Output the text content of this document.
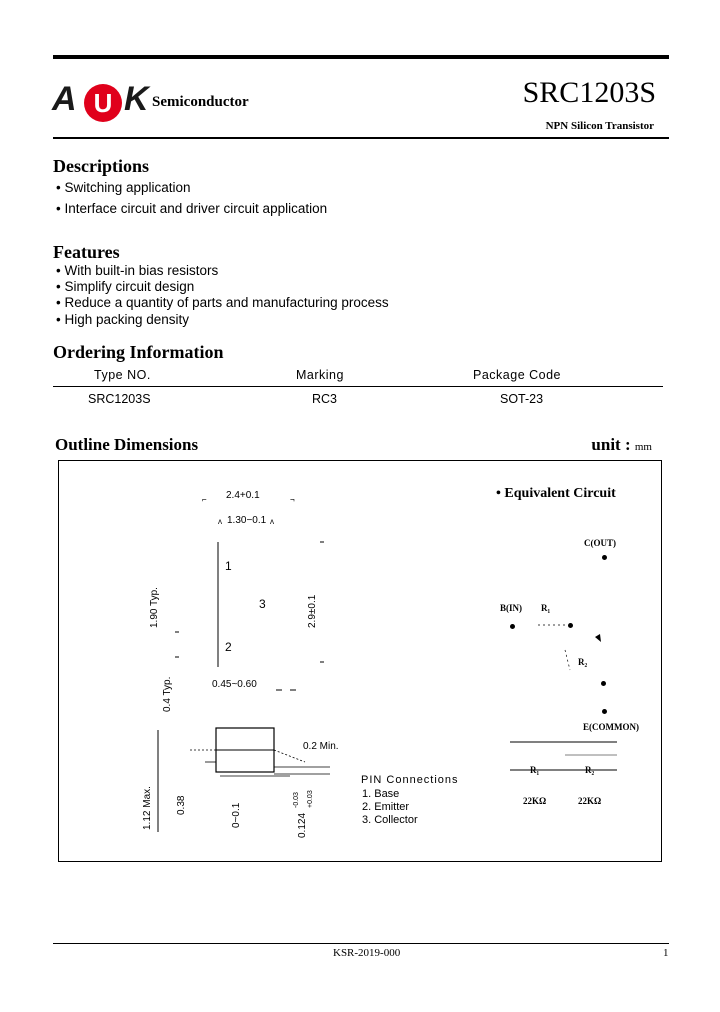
A U K Semiconductor	SRC1203S
NPN Silicon Transistor
Descriptions
• Switching application
• Interface circuit and driver circuit application
Features
• With built-in bias resistors
• Simplify circuit design
• Reduce a quantity of parts and manufacturing process
• High packing density
Ordering Information
Type NO.	Marking	Package Code
SRC1203S	RC3	SOT-23
Outline Dimensions	unit : mm
⌐	¬
ʌ	ʌ
2.4+0.1
1.30−0.1
1
3
2
1.90 Typ.	2.9±0.1
0.45~0.60
0.4 Typ.
0.2 Min.
1.12 Max. 0.38	0~0.1	0.124
+0.03
-0.03
PIN Connections
1. Base
2. Emitter
3. Collector
• Equivalent Circuit
C(OUT)
B(IN) R₁
R₂
E(COMMON)
R₁	R₂
22KΩ	22KΩ
KSR-2019-000	1
